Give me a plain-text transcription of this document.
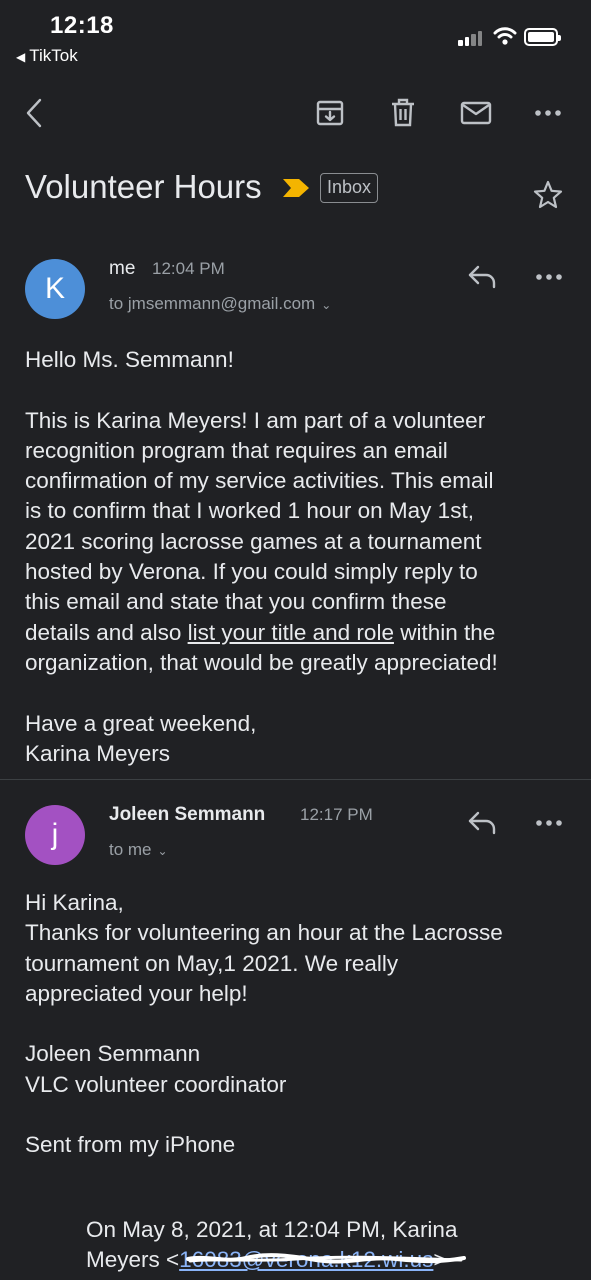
12:18
◀ TikTok
Volunteer Hours	Inbox
K
me 12:04 PM
to jmsemmann@gmail.com ⌄

Hello Ms. Semmann!

This is Karina Meyers! I am part of a volunteer

recognition program that requires an email

confirmation of my service activities. This email

is to confirm that I worked 1 hour on May 1st,

2021 scoring lacrosse games at a tournament

hosted by Verona. If you could simply reply to

this email and state that you confirm these

details and also list your title and role within the

organization, that would be greatly appreciated!

Have a great weekend,

Karina Meyers

j
Joleen Semmann 12:17 PM
to me ⌄

Hi Karina,

Thanks for volunteering an hour at the Lacrosse

tournament on May,1 2021. We really

appreciated your help!

Joleen Semmann

VLC volunteer coordinator

Sent from my iPhone

On May 8, 2021, at 12:04 PM, Karina

Meyers <16083@verona.k12.wi.us>
